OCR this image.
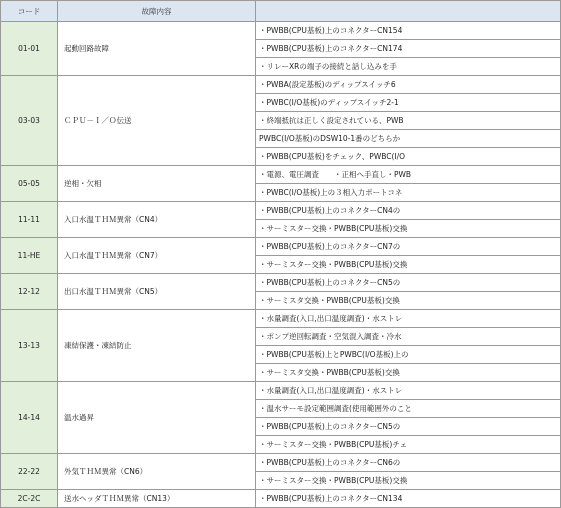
コード	故障内容	
01-01	起動回路故障	・PWBB(CPU基板)上のコネクターCN154
・PWBB(CPU基板)上のコネクターCN174
・リレーXRの端子の接続と話し込みを手

03-03	ＣＰＵ－Ｉ／Ｏ伝送	・PWBA(設定基板)のディップスイッチ6
・PWBC(I/O基板)のディップスイッチ2-1
・終端抵抗は正しく設定されている、PWB
PWBC(I/O基板)のDSW10-1番のどちらか
・PWBB(CPU基板)をチェック、PWBC(I/O

05-05	逆相・欠相	・電源、電圧調査　　・正相へ手直し・PWB
・PWBC(I/O基板)上の３相入力ポートコネ

11-11	入口水温ＴＨＭ異常（CN4）	・PWBB(CPU基板)上のコネクターCN4の
・サーミスター交換・PWBB(CPU基板)交換

11-HE	入口水温ＴＨＭ異常（CN7）	・PWBB(CPU基板)上のコネクターCN7の
・サーミスター交換・PWBB(CPU基板)交換

12-12	出口水温ＴＨＭ異常（CN5）	・PWBB(CPU基板)上のコネクターCN5の
・サーミスタ交換・PWBB(CPU基板)交換

13-13	凍結保護・凍結防止	・水量調査(入口,出口温度調査)・水ストレ
・ポンプ逆回転調査・空気混入調査・冷水
・PWBB(CPU基板)上とPWBC(I/O基板)上の
・サーミスタ交換・PWBB(CPU基板)交換

14-14	温水過昇	・水量調査(入口,出口温度調査)・水ストレ
・温水サーモ設定範囲調査(使用範囲外のこと
・PWBB(CPU基板)上のコネクターCN5の
・サーミスター交換・PWBB(CPU基板)チェ

22-22	外気ＴＨＭ異常（CN6）	・PWBB(CPU基板)上のコネクターCN6の
・サーミスター交換・PWBB(CPU基板)交換

2C-2C	送水ヘッダＴＨＭ異常（CN13）	・PWBB(CPU基板)上のコネクターCN134
